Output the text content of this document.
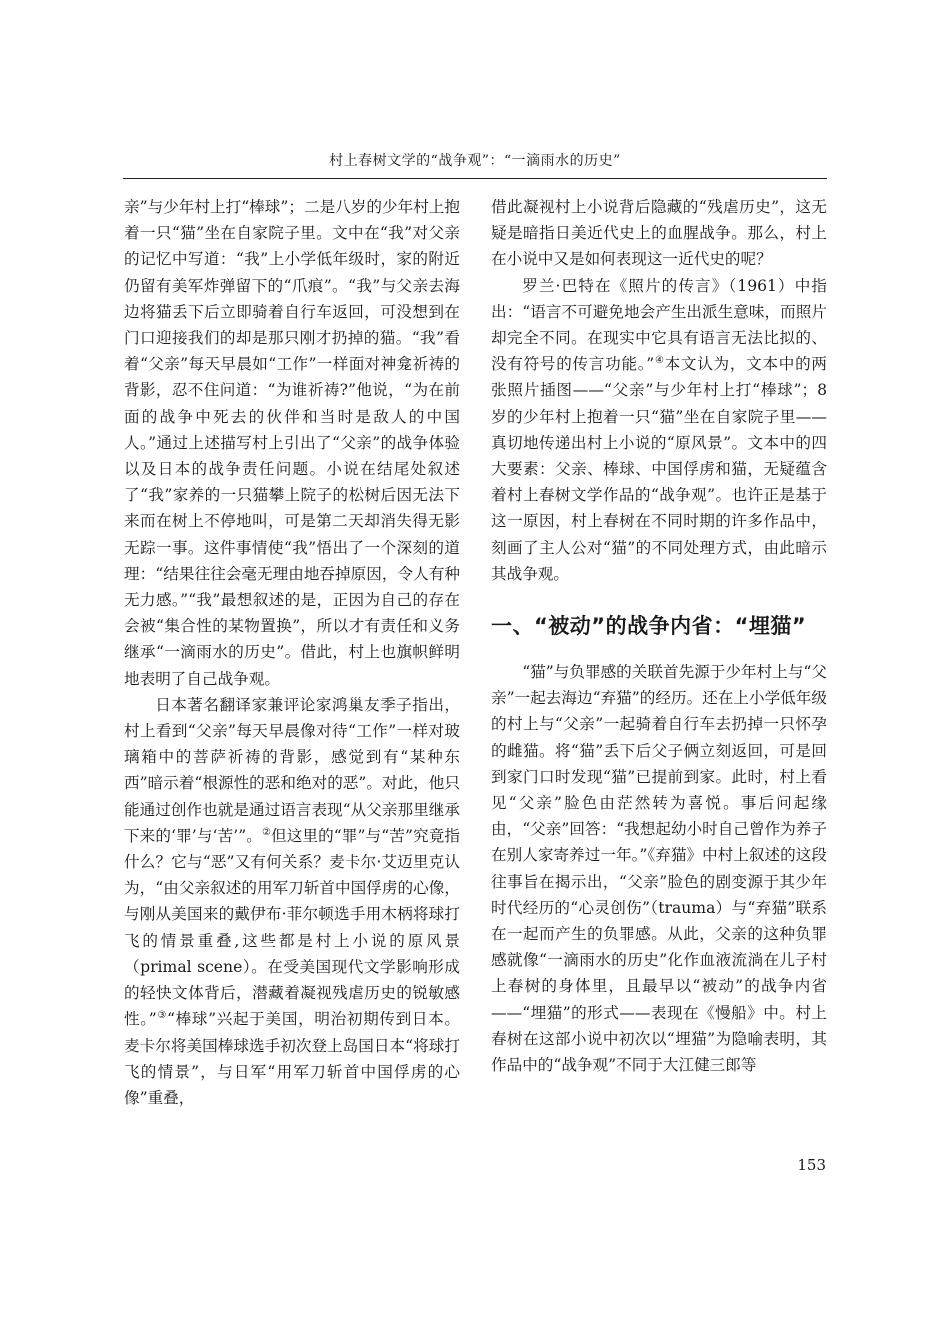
村上春树文学的“战争观”：“一滴雨水的历史”

亲”与少年村上打“棒球”；二是八岁的少年村上抱着一只“猫”坐在自家院子里。文中在“我”对父亲的记忆中写道：“我”上小学低年级时，家的附近仍留有美军炸弹留下的“爪痕”。“我”与父亲去海边将猫丢下后立即骑着自行车返回，可没想到在门口迎接我们的却是那只刚才扔掉的猫。“我”看着“父亲”每天早晨如“工作”一样面对神龛祈祷的背影，忍不住问道：“为谁祈祷?”他说，“为在前面的战争中死去的伙伴和当时是敌人的中国人。”通过上述描写村上引出了“父亲”的战争体验以及日本的战争责任问题。小说在结尾处叙述了“我”家养的一只猫攀上院子的松树后因无法下来而在树上不停地叫，可是第二天却消失得无影无踪一事。这件事情使“我”悟出了一个深刻的道理：“结果往往会毫无理由地吞掉原因，令人有种无力感。”“我”最想叙述的是，正因为自己的存在会被“集合性的某物置换”，所以才有责任和义务继承“一滴雨水的历史”。借此，村上也旗帜鲜明地表明了自己战争观。

日本著名翻译家兼评论家鸿巢友季子指出，村上看到“父亲”每天早晨像对待“工作”一样对玻璃箱中的菩萨祈祷的背影，感觉到有“某种东西”暗示着“根源性的恶和绝对的恶”。对此，他只能通过创作也就是通过语言表现“从父亲那里继承下来的‘罪’与‘苦’”。②但这里的“罪”与“苦”究竟指什么？它与“恶”又有何关系？麦卡尔·艾迈里克认为，“由父亲叙述的用军刀斩首中国俘虏的心像，与刚从美国来的戴伊布·菲尔顿选手用木柄将球打飞的情景重叠,这些都是村上小说的原风景（primal scene）。在受美国现代文学影响形成的轻快文体背后，潜藏着凝视残虐历史的锐敏感性。”③“棒球”兴起于美国，明治初期传到日本。麦卡尔将美国棒球选手初次登上岛国日本“将球打飞的情景”，与日军“用军刀斩首中国俘虏的心像”重叠，

借此凝视村上小说背后隐藏的“残虐历史”，这无疑是暗指日美近代史上的血腥战争。那么，村上在小说中又是如何表现这一近代史的呢？

罗兰·巴特在《照片的传言》（1961）中指出：“语言不可避免地会产生出派生意味，而照片却完全不同。在现实中它具有语言无法比拟的、没有符号的传言功能。”④本文认为，文本中的两张照片插图——“父亲”与少年村上打“棒球”；8岁的少年村上抱着一只“猫”坐在自家院子里——真切地传递出村上小说的“原风景”。文本中的四大要素：父亲、棒球、中国俘虏和猫，无疑蕴含着村上春树文学作品的“战争观”。也许正是基于这一原因，村上春树在不同时期的许多作品中，刻画了主人公对“猫”的不同处理方式，由此暗示其战争观。

一、“被动”的战争内省：“埋猫”

“猫”与负罪感的关联首先源于少年村上与“父亲”一起去海边“弃猫”的经历。还在上小学低年级的村上与“父亲”一起骑着自行车去扔掉一只怀孕的雌猫。将“猫”丢下后父子俩立刻返回，可是回到家门口时发现“猫”已提前到家。此时，村上看见“父亲”脸色由茫然转为喜悦。事后问起缘由，“父亲”回答：“我想起幼小时自己曾作为养子在别人家寄养过一年。”《弃猫》中村上叙述的这段往事旨在揭示出，“父亲”脸色的剧变源于其少年时代经历的“心灵创伤”（trauma）与“弃猫”联系在一起而产生的负罪感。从此，父亲的这种负罪感就像“一滴雨水的历史”化作血液流淌在儿子村上春树的身体里，且最早以“被动”的战争内省——“埋猫”的形式——表现在《慢船》中。村上春树在这部小说中初次以“埋猫”为隐喻表明，其作品中的“战争观”不同于大江健三郎等

153
